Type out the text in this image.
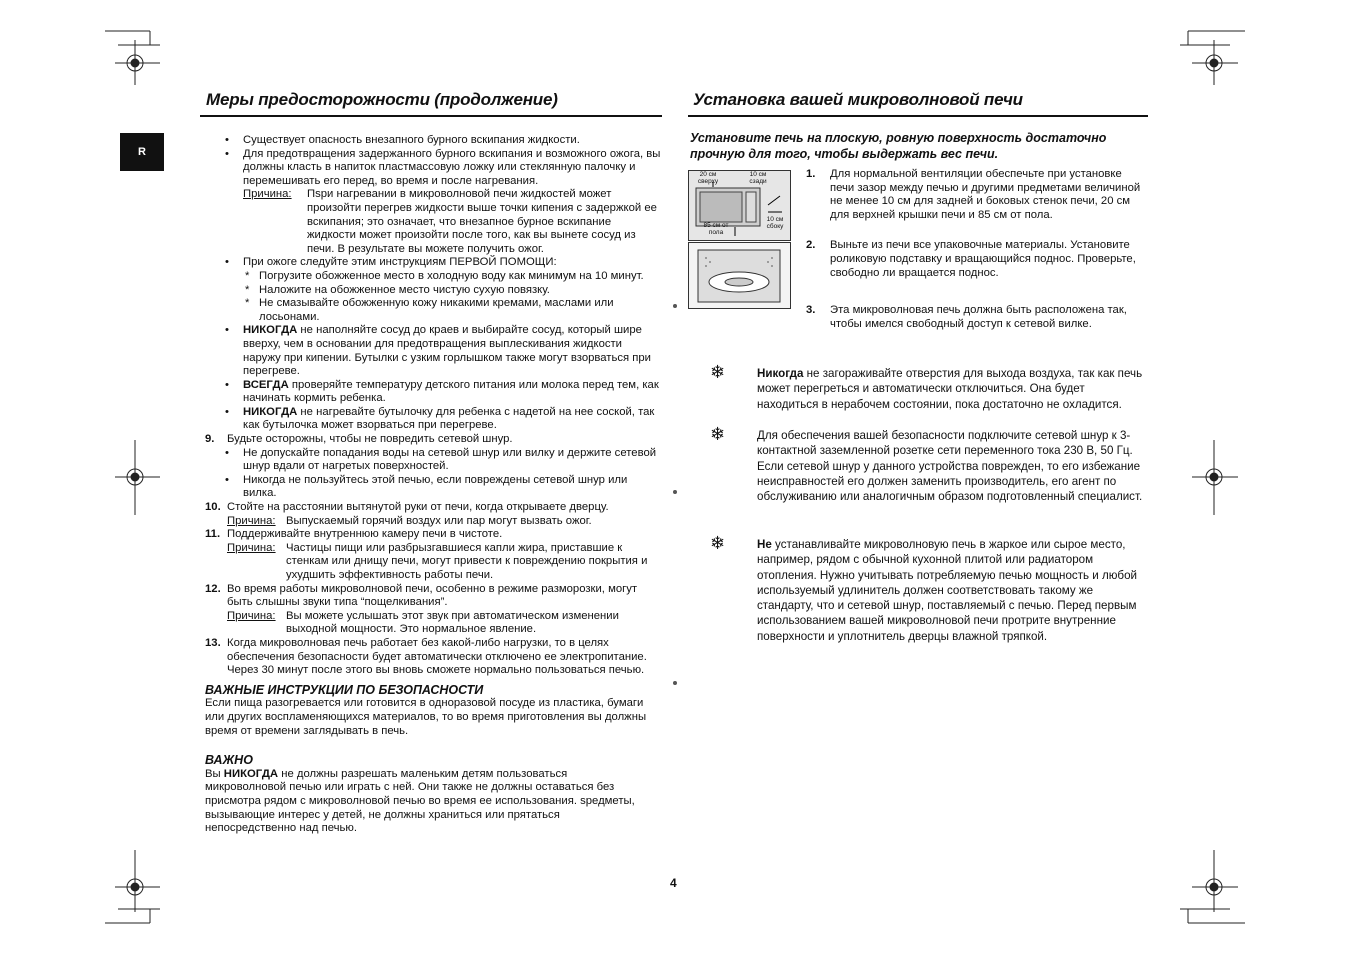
R
Меры предосторожности (продолжение)
• Существует опасность внезапного бурного вскипания жидкости.
• Для предотвращения задержанного бурного вскипания и возможного ожога, вы должны класть в напиток пластмассовую ложку или стеклянную палочку и перемешивать его перед, во время и после нагревания.
Причина: Пsри нагревании в микроволновой печи жидкостей может произойти перегрев жидкости выше точки кипения с задержкой ее вскипания; это означает, что внезапное бурное вскипание жидкости может произойти после того, как вы вынете сосуд из печи. В результате вы можете получить ожог.
• При ожоге следуйте этим инструкциям ПЕРВОЙ ПОМОЩИ:
* Погрузите обожженное место в холодную воду как минимум на 10 минут.
* Наложите на обожженное место чистую сухую повязку.
* Не смазывайте обожженную кожу никакими кремами, маслами или лосьонами.
• НИКОГДА не наполняйте сосуд до краев и выбирайте сосуд, который шире вверху, чем в основании для предотвращения выплескивания жидкости наружу при кипении. Бутылки с узким горлышком также могут взорваться при перегреве.
• ВСЕГДА проверяйте температуру детского питания или молока перед тем, как начинать кормить ребенка.
• НИКОГДА не нагревайте бутылочку для ребенка с надетой на нее соской, так как бутылочка может взорваться при перегреве.
9. Будьте осторожны, чтобы не повредить сетевой шнур.
• Не допускайте попадания воды на сетевой шнур или вилку и держите сетевой шнур вдали от нагретых поверхностей.
• Никогда не пользуйтесь этой печью, если повреждены сетевой шнур или вилка.
10. Стойте на расстоянии вытянутой руки от печи, когда открываете дверцу.
Причина: Выпускаемый горячий воздух или пар могут вызвать ожог.
11. Поддерживайте внутреннюю камеру печи в чистоте.
Причина: Частицы пищи или разбрызгавшиеся капли жира, приставшие к стенкам или днищу печи, могут привести к повреждению покрытия и ухудшить эффективность работы печи.
12. Во время работы микроволновой печи, особенно в режиме разморозки, могут быть слышны звуки типа “пощелкивания”.
Причина: Вы можете услышать этот звук при автоматическом изменении выходной мощности. Это нормальное явление.
13. Когда микроволновая печь работает без какой-либо нагрузки, то в целях обеспечения безопасности будет автоматически отключено ее электропитание. Через 30 минут после этого вы вновь сможете нормально пользоваться печью.
ВАЖНЫЕ ИНСТРУКЦИИ ПО БЕЗОПАСНОСТИ
Если пища разогревается или готовится в одноразовой посуде из пластика, бумаги или других воспламеняющихся материалов, то во время приготовления вы должны время от времени заглядывать в печь.
ВАЖНО
Вы НИКОГДА не должны разрешать маленьким детям пользоваться микроволновой печью или играть с ней. Они также не должны оставаться без присмотра рядом с микроволновой печью во время ее использования. sредметы, вызывающие интерес у детей, не должны храниться или прятаться непосредственно над печью.
4
Установка вашей микроволновой печи
Установите печь на плоскую, ровную поверхность достаточно прочную для того, чтобы выдержать вес печи.
20 см сверху
10 см сзади
10 см сбоку
85 см от пола
1. Для нормальной вентиляции обеспечьте при установке печи зазор между печью и другими предметами величиной не менее 10 см для задней и боковых стенок печи, 20 см для верхней крышки печи и 85 см от пола.
2. Выньте из печи все упаковочные материалы. Установите роликовую подставку и вращающийся поднос. Проверьте, свободно ли вращается поднос.
3. Эта микроволновая печь должна быть расположена так, чтобы имелся свободный доступ к сетевой вилке.
❄	Никогда не загораживайте отверстия для выхода воздуха, так как печь может перегреться и автоматически отключиться. Она будет находиться в нерабочем состоянии, пока достаточно не охладится.
❄	Для обеспечения вашей безопасности подключите сетевой шнур к 3-контактной заземленной розетке сети переменного тока 230 В, 50 Гц. Если сетевой шнур у данного устройства поврежден, то его избежание неисправностей его должен заменить производитель, его агент по обслуживанию или аналогичным образом подготовленный специалист.
❄	Не устанавливайте микроволновую печь в жаркое или сырое место, например, рядом с обычной кухонной плитой или радиатором отопления. Нужно учитывать потребляемую печью мощность и любой используемый удлинитель должен соответствовать такому же стандарту, что и сетевой шнур, поставляемый с печью. Перед первым использованием вашей микроволновой печи протрите внутренние поверхности и уплотнитель дверцы влажной тряпкой.
